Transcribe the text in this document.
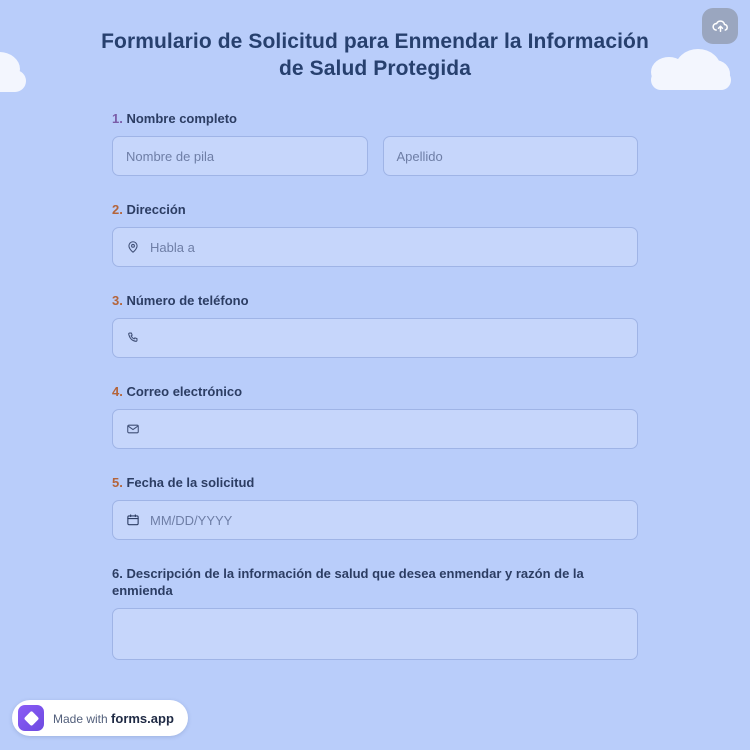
Formulario de Solicitud para Enmendar la Información de Salud Protegida
1. Nombre completo
Nombre de pila	Apellido
2. Dirección
Habla a
3. Número de teléfono
4. Correo electrónico
5. Fecha de la solicitud
MM/DD/YYYY
6. Descripción de la información de salud que desea enmendar y razón de la enmienda
Made with forms.app
